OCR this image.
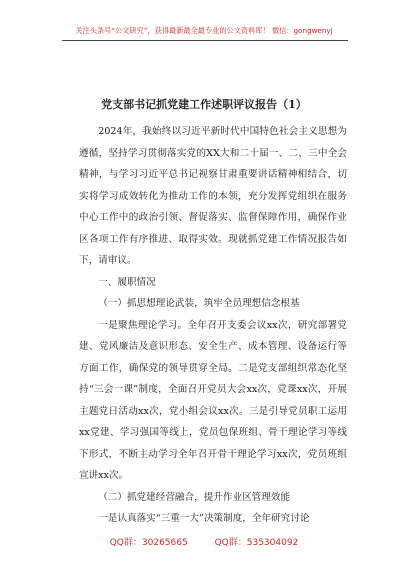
关注头条号“公文研究”，获得最新最全最专业的公文资料库！ 微信：gongwenyj
党支部书记抓党建工作述职评议报告（1）

2024年，我始终以习近平新时代中国特色社会主义思想为遵循，坚持学习贯彻落实党的XX大和二十届一、二、三中全会精神，与学习习近平总书记视察甘肃重要讲话精神相结合，切实将学习成效转化为推动工作的本领，充分发挥党组织在服务中心工作中的政治引领、督促落实、监督保障作用，确保作业区各项工作有序推进、取得实效。现就抓党建工作情况报告如下，请审议。

一、履职情况

（一）抓思想理论武装，筑牢全员理想信念根基

一是聚焦理论学习。全年召开支委会议xx次，研究部署党建、党风廉洁及意识形态、安全生产、成本管理、设备运行等方面工作，确保党的领导贯穿全局。二是党支部组织常态化坚持“三会一课”制度，全面召开党员大会xx次，党课xx次，开展主题党日活动xx次，党小组会议xx次。三是引导党员职工运用xx党建、学习强国等线上，党员包保班组、骨干理论学习等线下形式，不断主动学习全年召开骨干理论学习xx次，党员班组宣讲xx次。

（二）抓党建经营融合，提升作业区管理效能

一是认真落实“三重一大”决策制度，全年研究讨论

QQ群：30265665	QQ群：535304092
